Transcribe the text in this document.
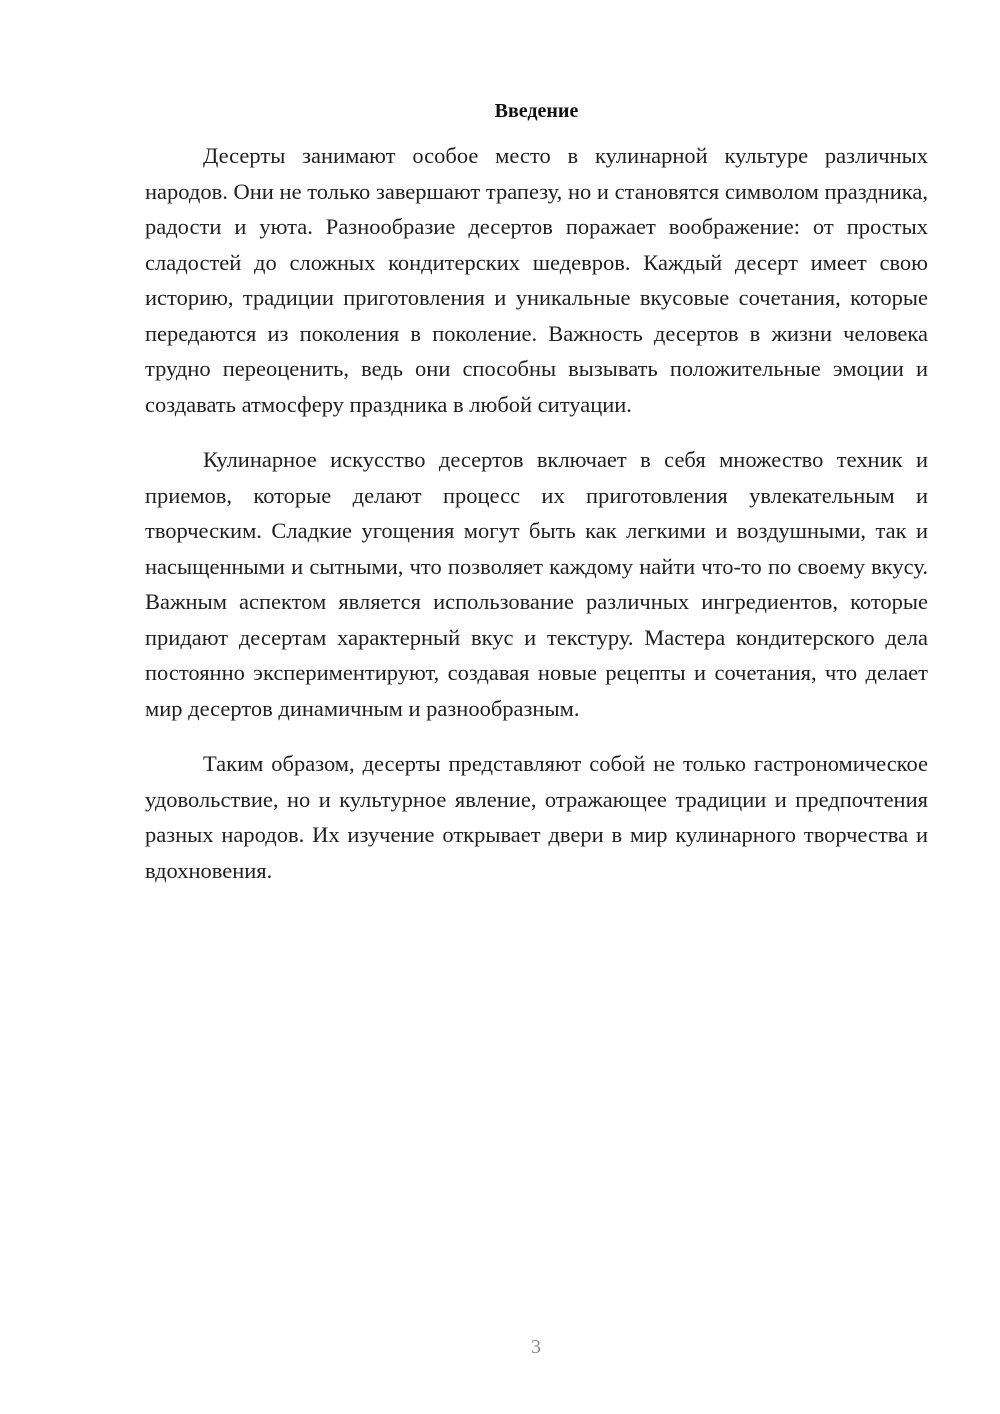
Введение

Десерты занимают особое место в кулинарной культуре различных народов. Они не только завершают трапезу, но и становятся символом праздника, радости и уюта. Разнообразие десертов поражает воображение: от простых сладостей до сложных кондитерских шедевров. Каждый десерт имеет свою историю, традиции приготовления и уникальные вкусовые сочетания, которые передаются из поколения в поколение. Важность десертов в жизни человека трудно переоценить, ведь они способны вызывать положительные эмоции и создавать атмосферу праздника в любой ситуации.

Кулинарное искусство десертов включает в себя множество техник и приемов, которые делают процесс их приготовления увлекательным и творческим. Сладкие угощения могут быть как легкими и воздушными, так и насыщенными и сытными, что позволяет каждому найти что-то по своему вкусу. Важным аспектом является использование различных ингредиентов, которые придают десертам характерный вкус и текстуру. Мастера кондитерского дела постоянно экспериментируют, создавая новые рецепты и сочетания, что делает мир десертов динамичным и разнообразным.

Таким образом, десерты представляют собой не только гастрономическое удовольствие, но и культурное явление, отражающее традиции и предпочтения разных народов. Их изучение открывает двери в мир кулинарного творчества и вдохновения.

3
